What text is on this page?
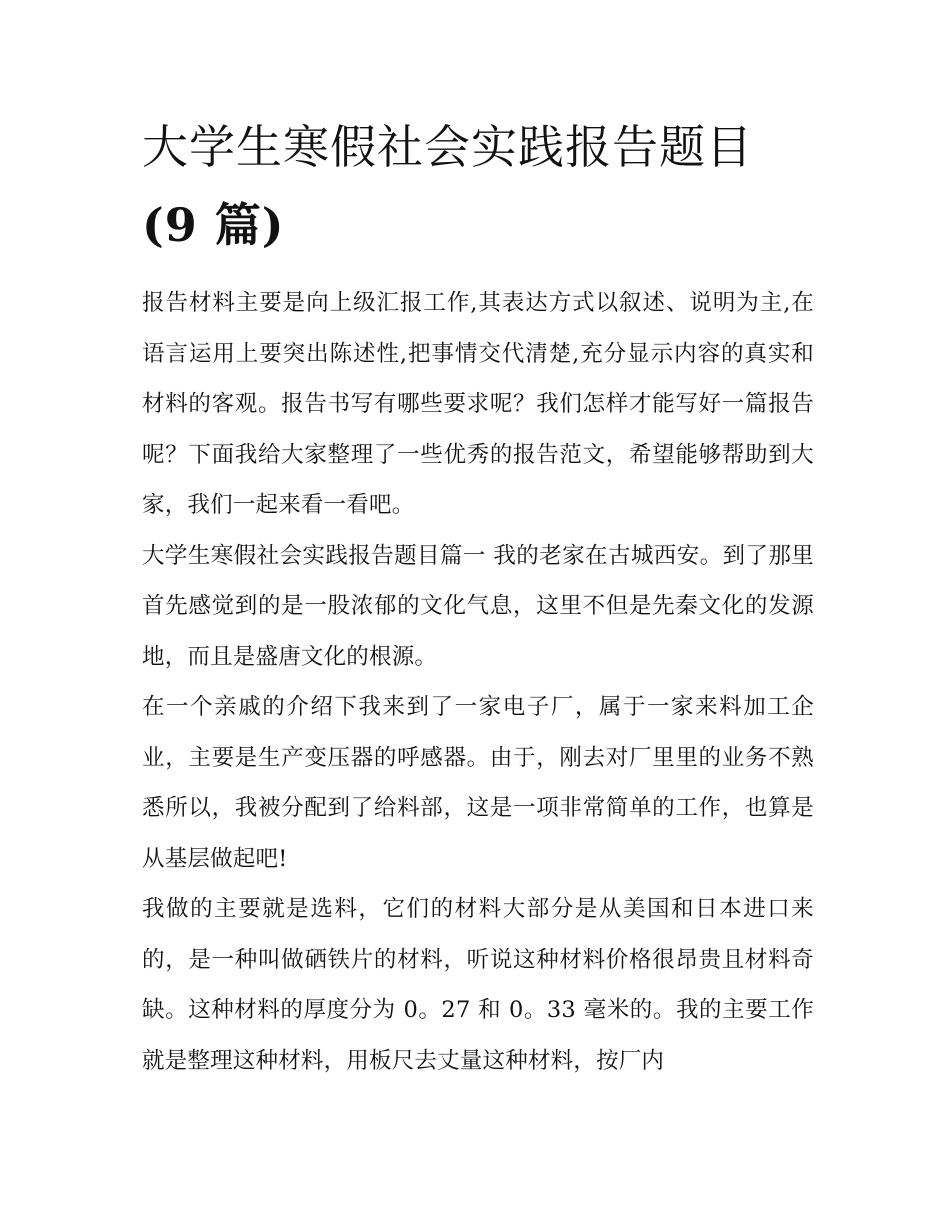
大学生寒假社会实践报告题目
(9 篇)

报告材料主要是向上级汇报工作,其表达方式以叙述、说明为主,在语言运用上要突出陈述性,把事情交代清楚,充分显示内容的真实和材料的客观。报告书写有哪些要求呢？我们怎样才能写好一篇报告呢？下面我给大家整理了一些优秀的报告范文，希望能够帮助到大家，我们一起来看一看吧。

大学生寒假社会实践报告题目篇一 我的老家在古城西安。到了那里首先感觉到的是一股浓郁的文化气息，这里不但是先秦文化的发源地，而且是盛唐文化的根源。

在一个亲戚的介绍下我来到了一家电子厂，属于一家来料加工企业，主要是生产变压器的呼感器。由于，刚去对厂里里的业务不熟悉所以，我被分配到了给料部，这是一项非常简单的工作，也算是从基层做起吧!

我做的主要就是选料，它们的材料大部分是从美国和日本进口来的，是一种叫做硒铁片的材料，听说这种材料价格很昂贵且材料奇缺。这种材料的厚度分为 0。27 和 0。33 毫米的。我的主要工作就是整理这种材料，用板尺去丈量这种材料，按厂内
